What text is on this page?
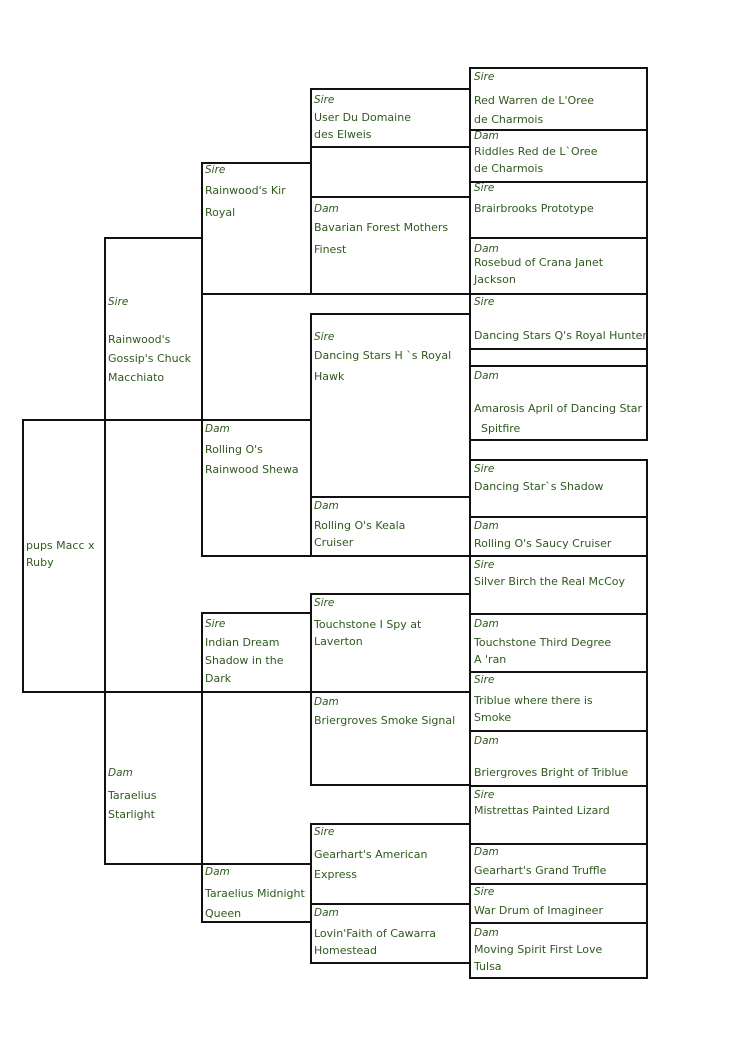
pups Macc x
Ruby
Sire
Rainwood's
Gossip's Chuck
Macchiato
Dam
Taraelius
Starlight
Sire
Rainwood's Kir
Royal
Dam
Rolling O's
Rainwood Shewa
Sire
Indian Dream
Shadow in the
Dark
Dam
Taraelius Midnight
Queen
Sire
User Du Domaine
des Elweis
Dam
Bavarian Forest Mothers
Finest
Sire
Dancing Stars H `s Royal
Hawk
Dam
Rolling O's Keala
Cruiser
Sire
Touchstone I Spy at
Laverton
Dam
Briergroves Smoke Signal
Sire
Gearhart's American
Express
Dam
Lovin'Faith of Cawarra
Homestead
Sire
Red Warren de L'Oree
de Charmois
Dam
Riddles Red de L`Oree
de Charmois
Sire
Brairbrooks Prototype
Dam
Rosebud of Crana Janet
Jackson
Sire
Dancing Stars Q's Royal Hunter
Dam
Amarosis April of Dancing Star
Spitfire
Sire
Dancing Star`s Shadow
Dam
Rolling O's Saucy Cruiser
Sire
Silver Birch the Real McCoy
Dam
Touchstone Third Degree
A 'ran
Sire
Triblue where there is
Smoke
Dam
Briergroves Bright of Triblue
Sire
Mistrettas Painted Lizard
Dam
Gearhart's Grand Truffle
Sire
War Drum of Imagineer
Dam
Moving Spirit First Love
Tulsa
